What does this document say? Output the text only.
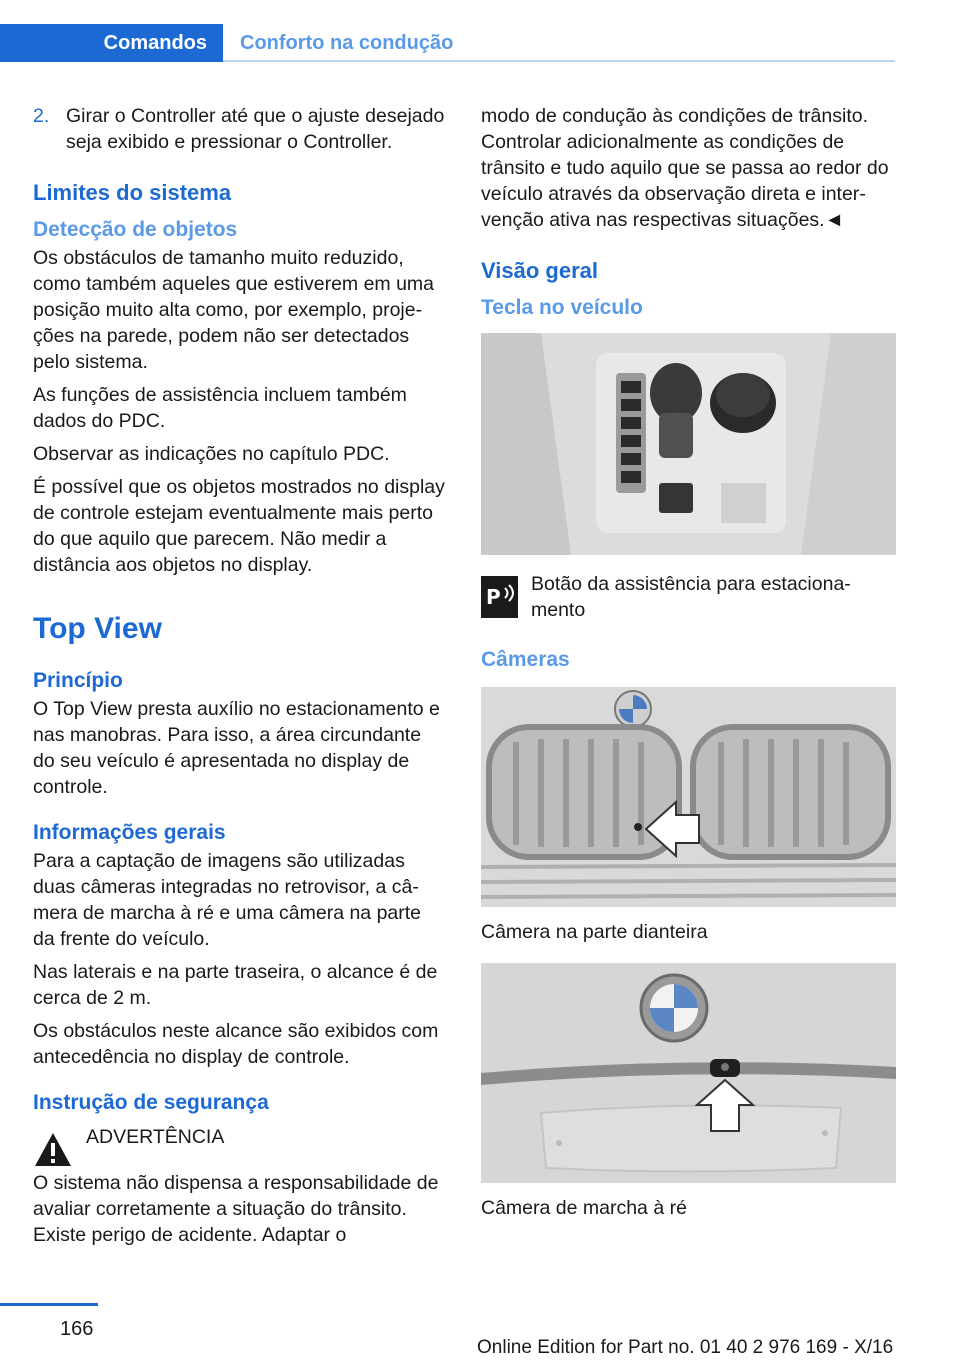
Comandos	Conforto na condução
2. Girar o Controller até que o ajuste desejado seja exibido e pressionar o Controller.
Limites do sistema
Detecção de objetos

Os obstáculos de tamanho muito reduzido, como também aqueles que estiverem em uma posição muito alta como, por exemplo, projeções na parede, podem não ser detectados pelo sistema.

As funções de assistência incluem também dados do PDC.

Observar as indicações no capítulo PDC.

É possível que os objetos mostrados no display de controle estejam eventualmente mais perto do que aquilo que parecem. Não medir a distância aos objetos no display.

Top View
Princípio

O Top View presta auxílio no estacionamento e nas manobras. Para isso, a área circundante do seu veículo é apresentada no display de controle.

Informações gerais

Para a captação de imagens são utilizadas duas câmeras integradas no retrovisor, a câmera de marcha à ré e uma câmera na parte da frente do veículo.

Nas laterais e na parte traseira, o alcance é de cerca de 2 m.

Os obstáculos neste alcance são exibidos com antecedência no display de controle.

Instrução de segurança
ADVERTÊNCIA

O sistema não dispensa a responsabilidade de avaliar corretamente a situação do trânsito. Existe perigo de acidente. Adaptar o

modo de condução às condições de trânsito. Controlar adicionalmente as condições de trânsito e tudo aquilo que se passa ao redor do veículo através da observação direta e intervenção ativa nas respectivas situações.◄

Visão geral
Tecla no veículo
P
Botão da assistência para estacionamento
Câmeras

Câmera na parte dianteira

Câmera de marcha à ré

166
Online Edition for Part no. 01 40 2 976 169 - X/16
